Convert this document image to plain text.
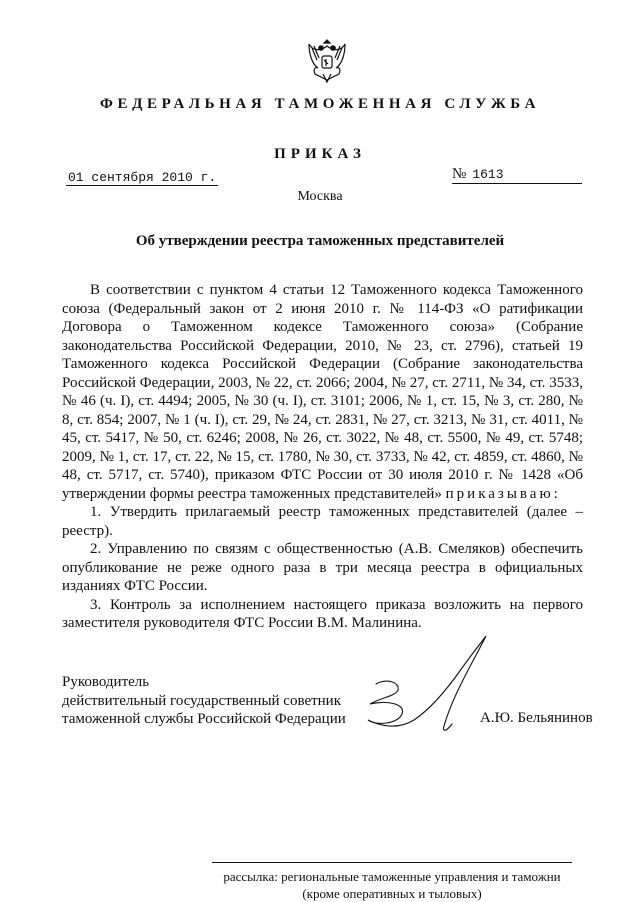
ФЕДЕРАЛЬНАЯ ТАМОЖЕННАЯ СЛУЖБА
ПРИКАЗ
01 сентября 2010 г.	№ 1613
Москва
Об утверждении реестра таможенных представителей

В соответствии с пунктом 4 статьи 12 Таможенного кодекса Таможенного союза (Федеральный закон от 2 июня 2010 г. № 114-ФЗ «О ратификации Договора о Таможенном кодексе Таможенного союза» (Собрание законодательства Российской Федерации, 2010, № 23, ст. 2796), статьей 19 Таможенного кодекса Российской Федерации (Собрание законодательства Российской Федерации, 2003, № 22, ст. 2066; 2004, № 27, ст. 2711, № 34, ст. 3533, № 46 (ч. I), ст. 4494; 2005, № 30 (ч. I), ст. 3101; 2006, № 1, ст. 15, № 3, ст. 280, № 8, ст. 854; 2007, № 1 (ч. I), ст. 29, № 24, ст. 2831, № 27, ст. 3213, № 31, ст. 4011, № 45, ст. 5417, № 50, ст. 6246; 2008, № 26, ст. 3022, № 48, ст. 5500, № 49, ст. 5748; 2009, № 1, ст. 17, ст. 22, № 15, ст. 1780, № 30, ст. 3733, № 42, ст. 4859, ст. 4860, № 48, ст. 5717, ст. 5740), приказом ФТС России от 30 июля 2010 г. № 1428 «Об утверждении формы реестра таможенных представителей» приказываю:

1. Утвердить прилагаемый реестр таможенных представителей (далее – реестр).

2. Управлению по связям с общественностью (А.В. Смеляков) обеспечить опубликование не реже одного раза в три месяца реестра в официальных изданиях ФТС России.

3. Контроль за исполнением настоящего приказа возложить на первого заместителя руководителя ФТС России В.М. Малинина.

Руководитель
действительный государственный советник
таможенной службы Российской Федерации	А.Ю. Бельянинов
рассылка: региональные таможенные управления и таможни
(кроме оперативных и тыловых)
